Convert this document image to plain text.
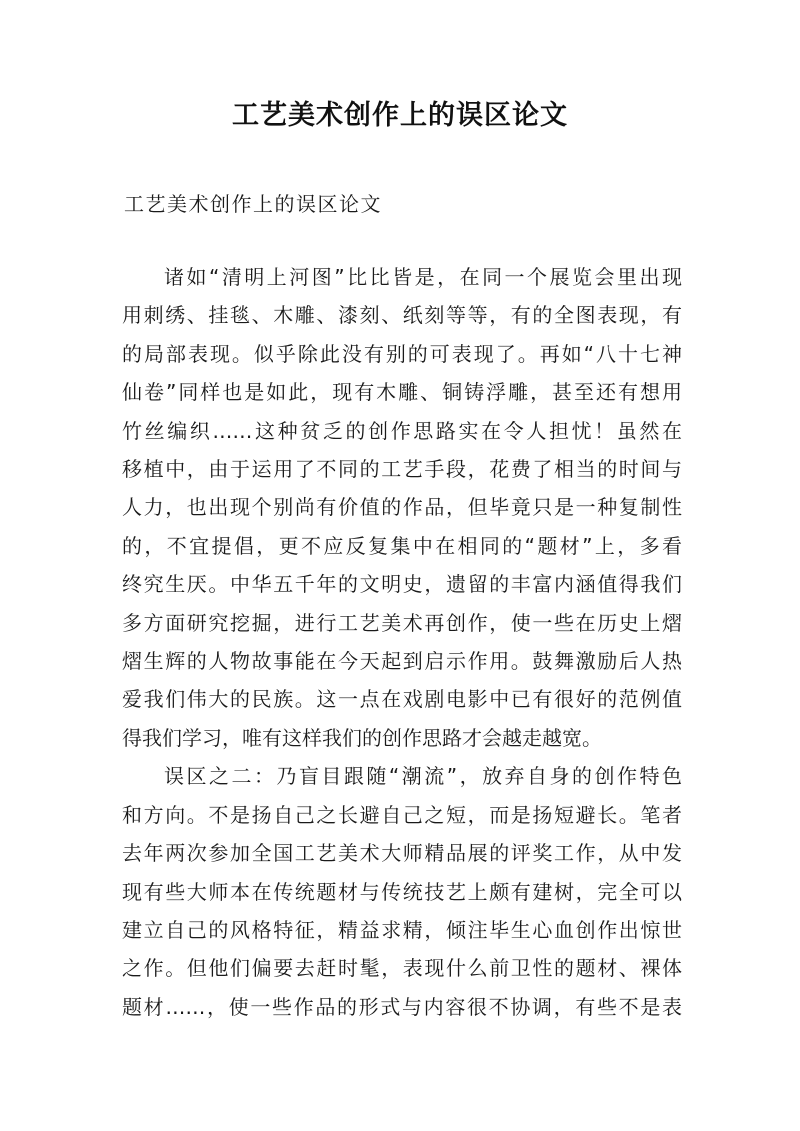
工艺美术创作上的误区论文
工艺美术创作上的误区论文
诸如“清明上河图”比比皆是，在同一个展览会里出现
用刺绣、挂毯、木雕、漆刻、纸刻等等，有的全图表现，有
的局部表现。似乎除此没有别的可表现了。再如“八十七神
仙卷”同样也是如此，现有木雕、铜铸浮雕，甚至还有想用
竹丝编织……这种贫乏的创作思路实在令人担忧！虽然在
移植中，由于运用了不同的工艺手段，花费了相当的时间与
人力，也出现个别尚有价值的作品，但毕竟只是一种复制性
的，不宜提倡，更不应反复集中在相同的“题材”上，多看
终究生厌。中华五千年的文明史，遗留的丰富内涵值得我们
多方面研究挖掘，进行工艺美术再创作，使一些在历史上熠
熠生辉的人物故事能在今天起到启示作用。鼓舞激励后人热
爱我们伟大的民族。这一点在戏剧电影中已有很好的范例值
得我们学习，唯有这样我们的创作思路才会越走越宽。
误区之二：乃盲目跟随“潮流”，放弃自身的创作特色
和方向。不是扬自己之长避自己之短，而是扬短避长。笔者
去年两次参加全国工艺美术大师精品展的评奖工作，从中发
现有些大师本在传统题材与传统技艺上颇有建树，完全可以
建立自己的风格特征，精益求精，倾注毕生心血创作出惊世
之作。但他们偏要去赶时髦，表现什么前卫性的题材、裸体
题材……，使一些作品的形式与内容很不协调，有些不是表
